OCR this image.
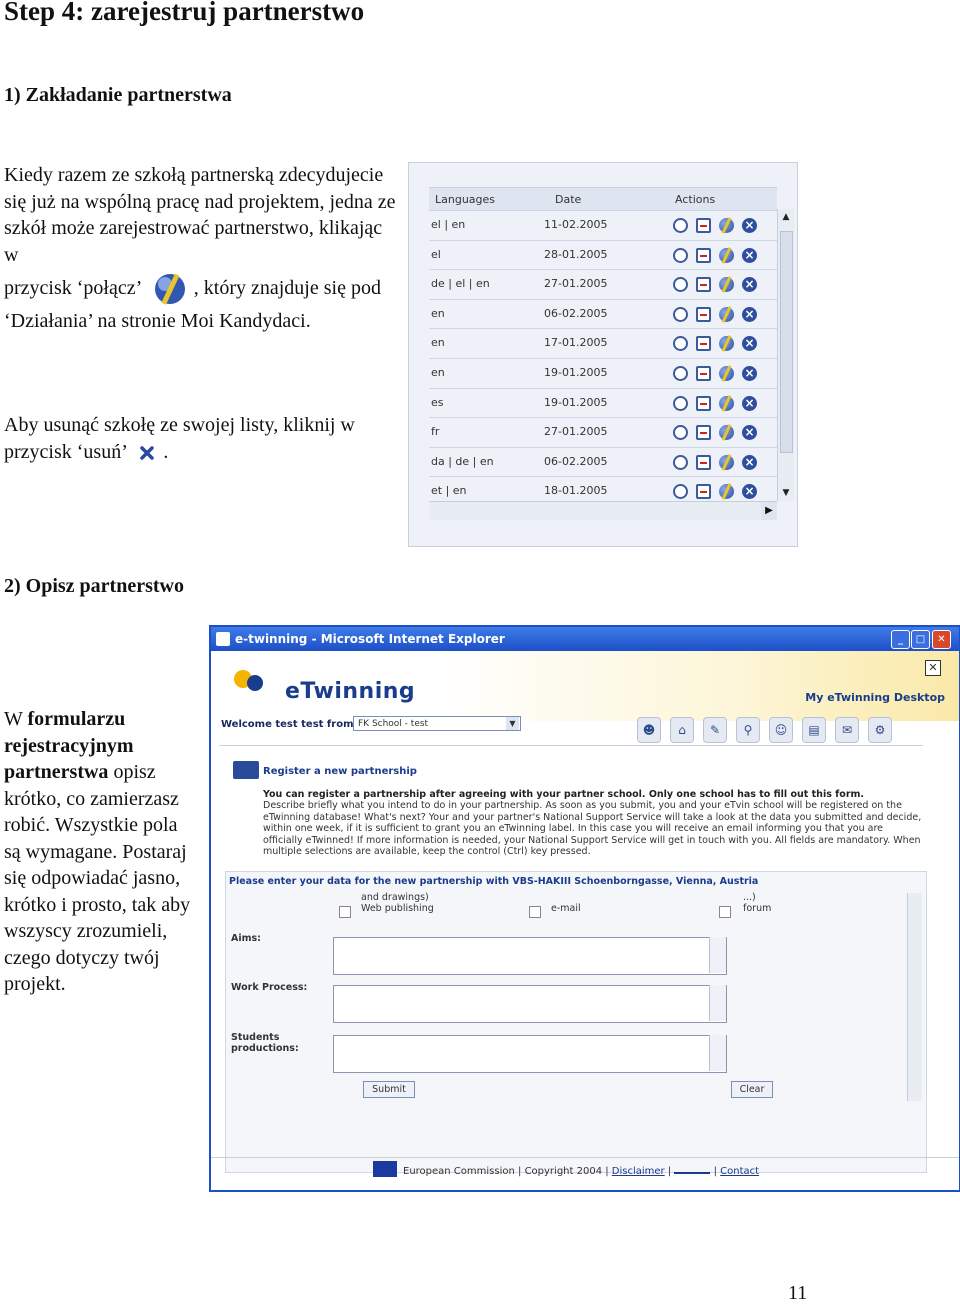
Step 4: zarejestruj partnerstwo
1) Zakładanie partnerstwa
Kiedy razem ze szkołą partnerską zdecydujecie się już na wspólną pracę nad projektem, jedna ze szkół może zarejestrować partnerstwo, klikając w
przycisk ‘połącz’	, który znajduje się pod ‘Działania’ na stronie Moi Kandydaci.
Aby usunąć szkołę ze swojej listy, kliknij w przycisk ‘usuń’ .
Languages	Date	Actions
el | en	11-02.2005	×
el	28-01.2005	×
de | el | en	27-01.2005	×
en	06-02.2005	×
en	17-01.2005	×
en	19-01.2005	×
es	19-01.2005	×
fr	27-01.2005	×
da | de | en	06-02.2005	×
et | en	18-01.2005	×
▲
▼
▶
2) Opisz partnerstwo
W formularzu rejestracyjnym partnerstwa opisz krótko, co zamierzasz robić. Wszystkie pola są wymagane. Postaraj się odpowiadać jasno, krótko i prosto, tak aby wszyscy zrozumieli, czego dotyczy twój projekt.
e-twinning - Microsoft Internet Explorer	_	□	✕
✕
eTwinning	My eTwinning Desktop
Welcome test test from FK School - test	▼	☻ ⌂ ✎ ⚲ ☺ ▤ ✉ ⚙
Register a new partnership
You can register a partnership after agreeing with your partner school. Only one school has to fill out this form.
Describe briefly what you intend to do in your partnership. As soon as you submit, you and your eTvin school will be registered on the eTwinning database! What's next? Your and your partner's National Support Service will take a look at the data you submitted and decide, within one week, if it is sufficient to grant you an eTwinning label. In this case you will receive an email informing you that you are officially eTwinned! If more information is needed, your National Support Service will get in touch with you. All fields are mandatory. When multiple selections are available, keep the control (Ctrl) key pressed.
Please enter your data for the new partnership with VBS-HAKIII Schoenborngasse, Vienna, Austria
and drawings)	...)
Web publishing	e-mail	forum
Aims:
Work Process:
Students productions:
Submit	Clear
European Commission | Copyright 2004 | Disclaimer |	| Contact
11
